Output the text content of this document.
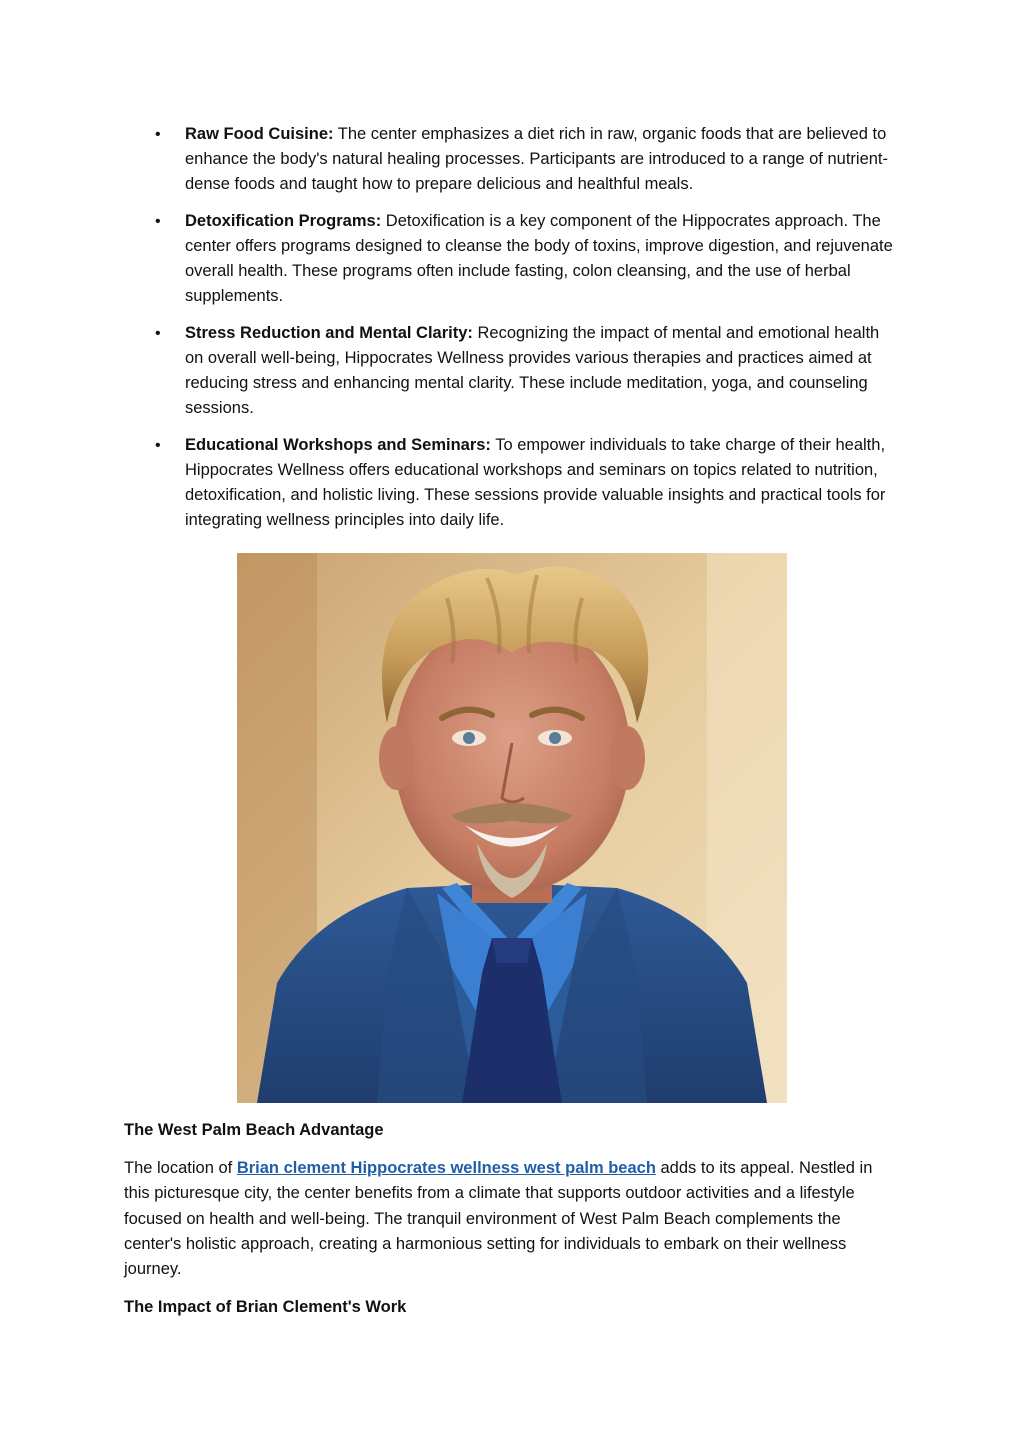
• Raw Food Cuisine: The center emphasizes a diet rich in raw, organic foods that are believed to enhance the body's natural healing processes. Participants are introduced to a range of nutrient-dense foods and taught how to prepare delicious and healthful meals.
• Detoxification Programs: Detoxification is a key component of the Hippocrates approach. The center offers programs designed to cleanse the body of toxins, improve digestion, and rejuvenate overall health. These programs often include fasting, colon cleansing, and the use of herbal supplements.
• Stress Reduction and Mental Clarity: Recognizing the impact of mental and emotional health on overall well-being, Hippocrates Wellness provides various therapies and practices aimed at reducing stress and enhancing mental clarity. These include meditation, yoga, and counseling sessions.
• Educational Workshops and Seminars: To empower individuals to take charge of their health, Hippocrates Wellness offers educational workshops and seminars on topics related to nutrition, detoxification, and holistic living. These sessions provide valuable insights and practical tools for integrating wellness principles into daily life.
The West Palm Beach Advantage

The location of Brian clement Hippocrates wellness west palm beach adds to its appeal. Nestled in this picturesque city, the center benefits from a climate that supports outdoor activities and a lifestyle focused on health and well-being. The tranquil environment of West Palm Beach complements the center's holistic approach, creating a harmonious setting for individuals to embark on their wellness journey.

The Impact of Brian Clement's Work
